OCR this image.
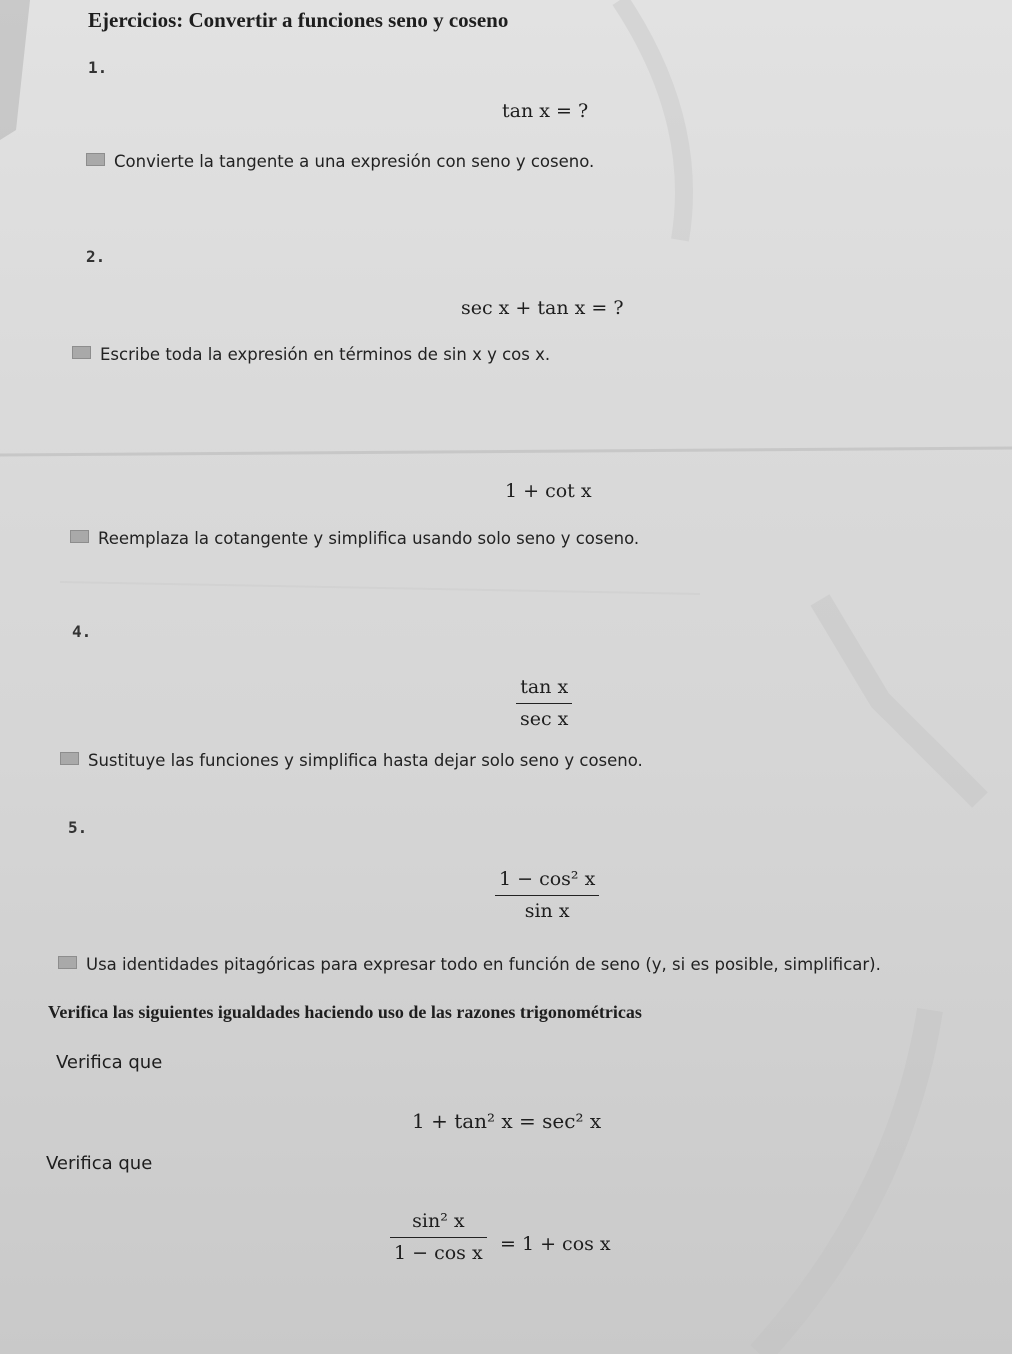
Ejercicios: Convertir a funciones seno y coseno
1.
tan x = ?
Convierte la tangente a una expresión con seno y coseno.
2.
sec x + tan x = ?
Escribe toda la expresión en términos de sin x y cos x.
1 + cot x
Reemplaza la cotangente y simplifica usando solo seno y coseno.
4.
tan x
sec x
Sustituye las funciones y simplifica hasta dejar solo seno y coseno.
5.
1 − cos² x
sin x
Usa identidades pitagóricas para expresar todo en función de seno (y, si es posible, simplificar).
Verifica las siguientes igualdades haciendo uso de las razones trigonométricas
Verifica que
1 + tan² x = sec² x
Verifica que
sin² x
1 − cos x = 1 + cos x
